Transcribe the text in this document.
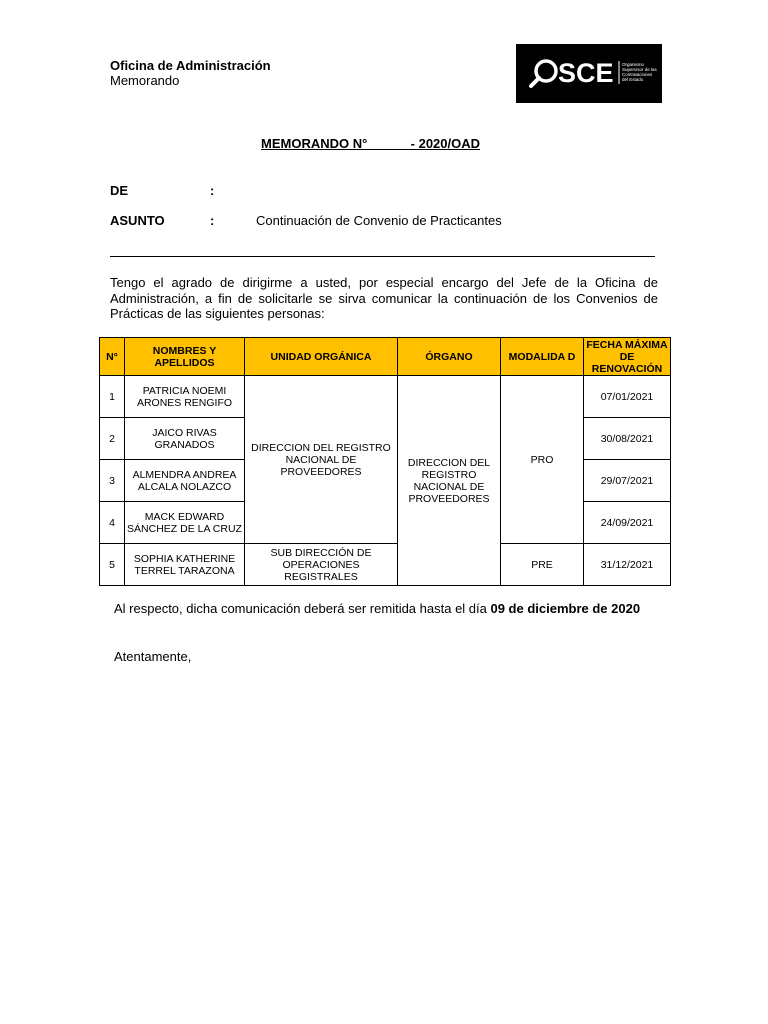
Oficina de Administración
Memorando	SCE Organismo
Supervisor de las
Contrataciones
del Estado
MEMORANDO N°            - 2020/OAD
DE	:
ASUNTO	:	Continuación de Convenio de Practicantes
Tengo el agrado de dirigirme a usted, por especial encargo del Jefe de la Oficina de Administración, a fin de solicitarle se sirva comunicar la continuación de los Convenios de Prácticas de las siguientes personas:
N°	NOMBRES Y APELLIDOS	UNIDAD ORGÁNICA	ÓRGANO	MODALIDA D	FECHA MÁXIMA DE RENOVACIÓN
1	PATRICIA NOEMI ARONES RENGIFO	DIRECCION DEL REGISTRO NACIONAL DE PROVEEDORES	DIRECCION DEL REGISTRO NACIONAL DE PROVEEDORES	PRO	07/01/2021
2	JAICO RIVAS GRANADOS				30/08/2021
3	ALMENDRA ANDREA ALCALA NOLAZCO				29/07/2021
4	MACK EDWARD SÁNCHEZ DE LA CRUZ				24/09/2021
5	SOPHIA KATHERINE TERREL TARAZONA	SUB DIRECCIÓN DE OPERACIONES REGISTRALES		PRE	31/12/2021
Al respecto, dicha comunicación deberá ser remitida hasta el día 09 de diciembre de 2020
Atentamente,
